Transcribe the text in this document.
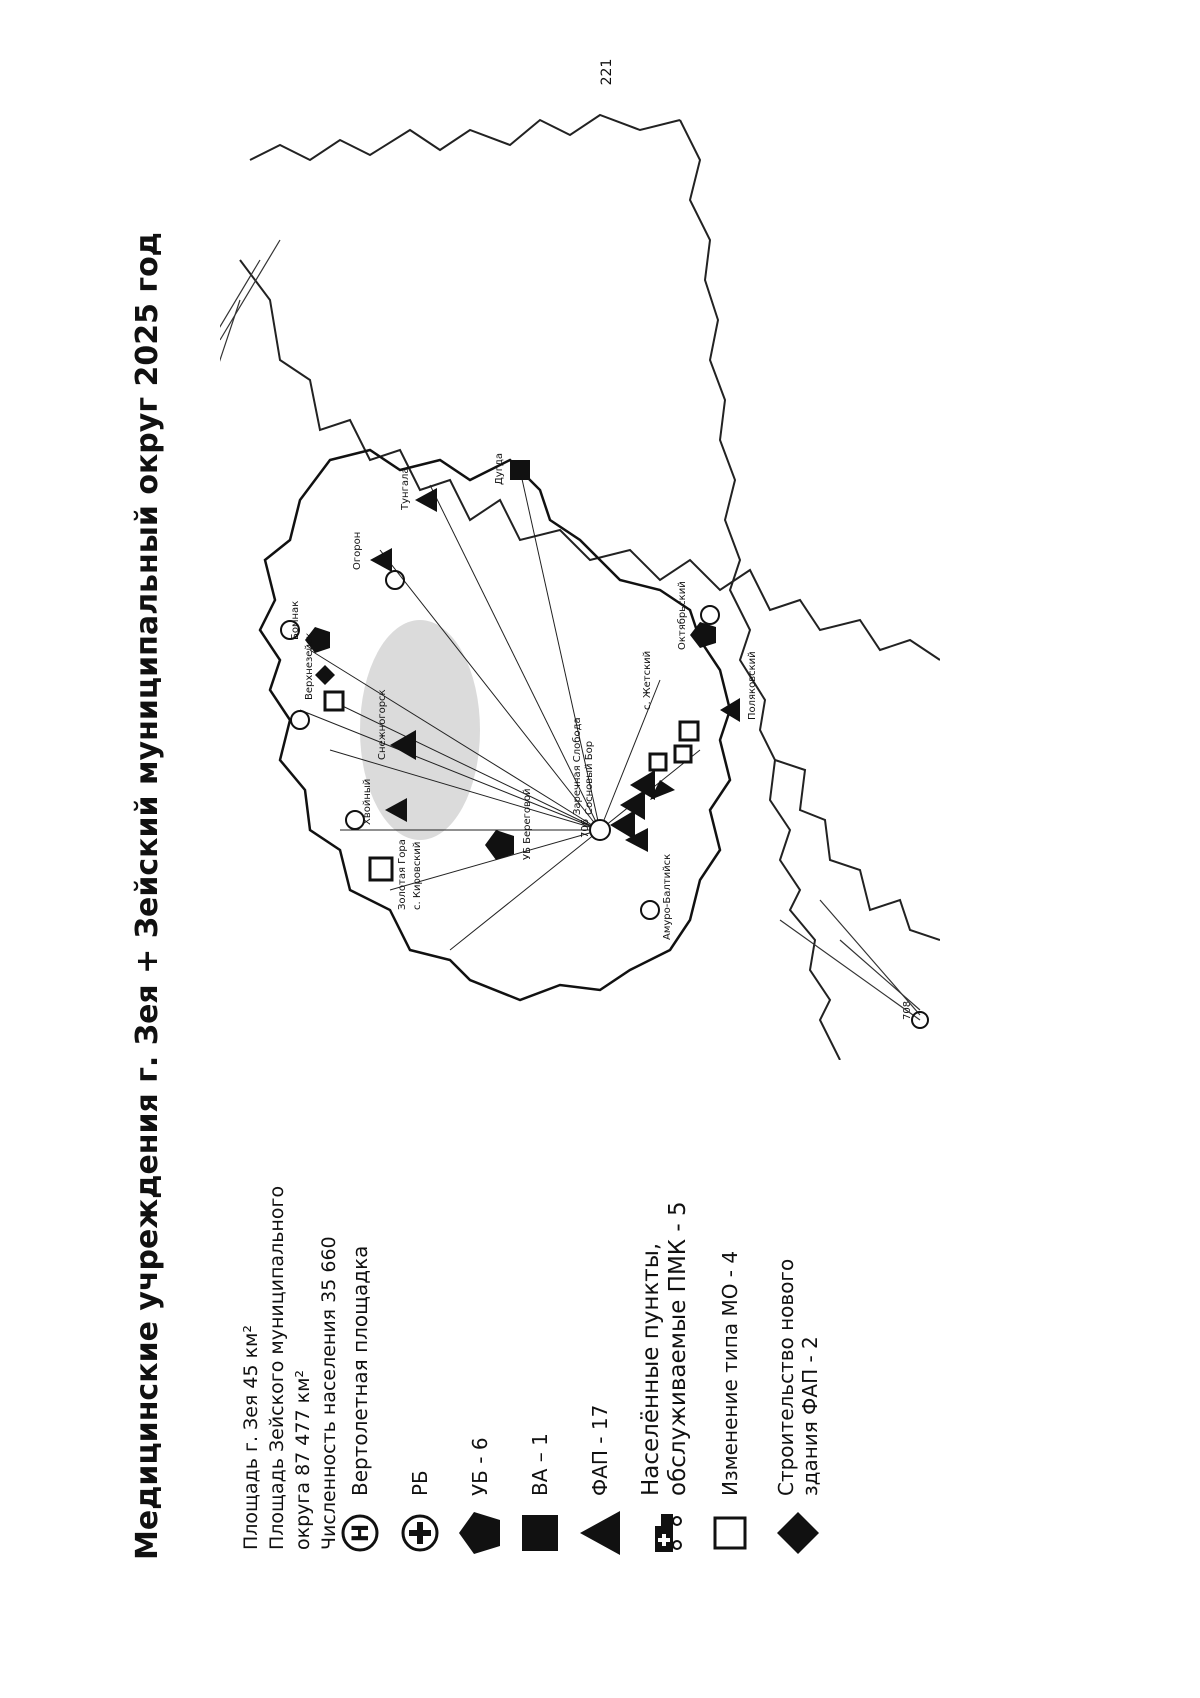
221
Медицинские учреждения г. Зея + Зейский муниципальный округ 2025 год	Площадь г. Зея 45 км² Площадь Зейского муниципального округа 87 477 км² Численность населения 35 660 H
Вертолетная площадка РБ УБ - 6 ВА – 1 ФАП - 17 Населённые пункты, обслуживаемые ПМК - 5 Изменение типа МО - 4 Строительство нового здания ФАП - 2
Золотая Гора с. Кировский
УБ Береговой
Хвойный
Снежногорск
Верхнезейск
Бомнак
Огорон
Тунгала	Дугда
Октябрьский
с. Жетский	Поляковский
Амуро-Балтийск
Заречная Слобода Сосновый Бор
706
708
